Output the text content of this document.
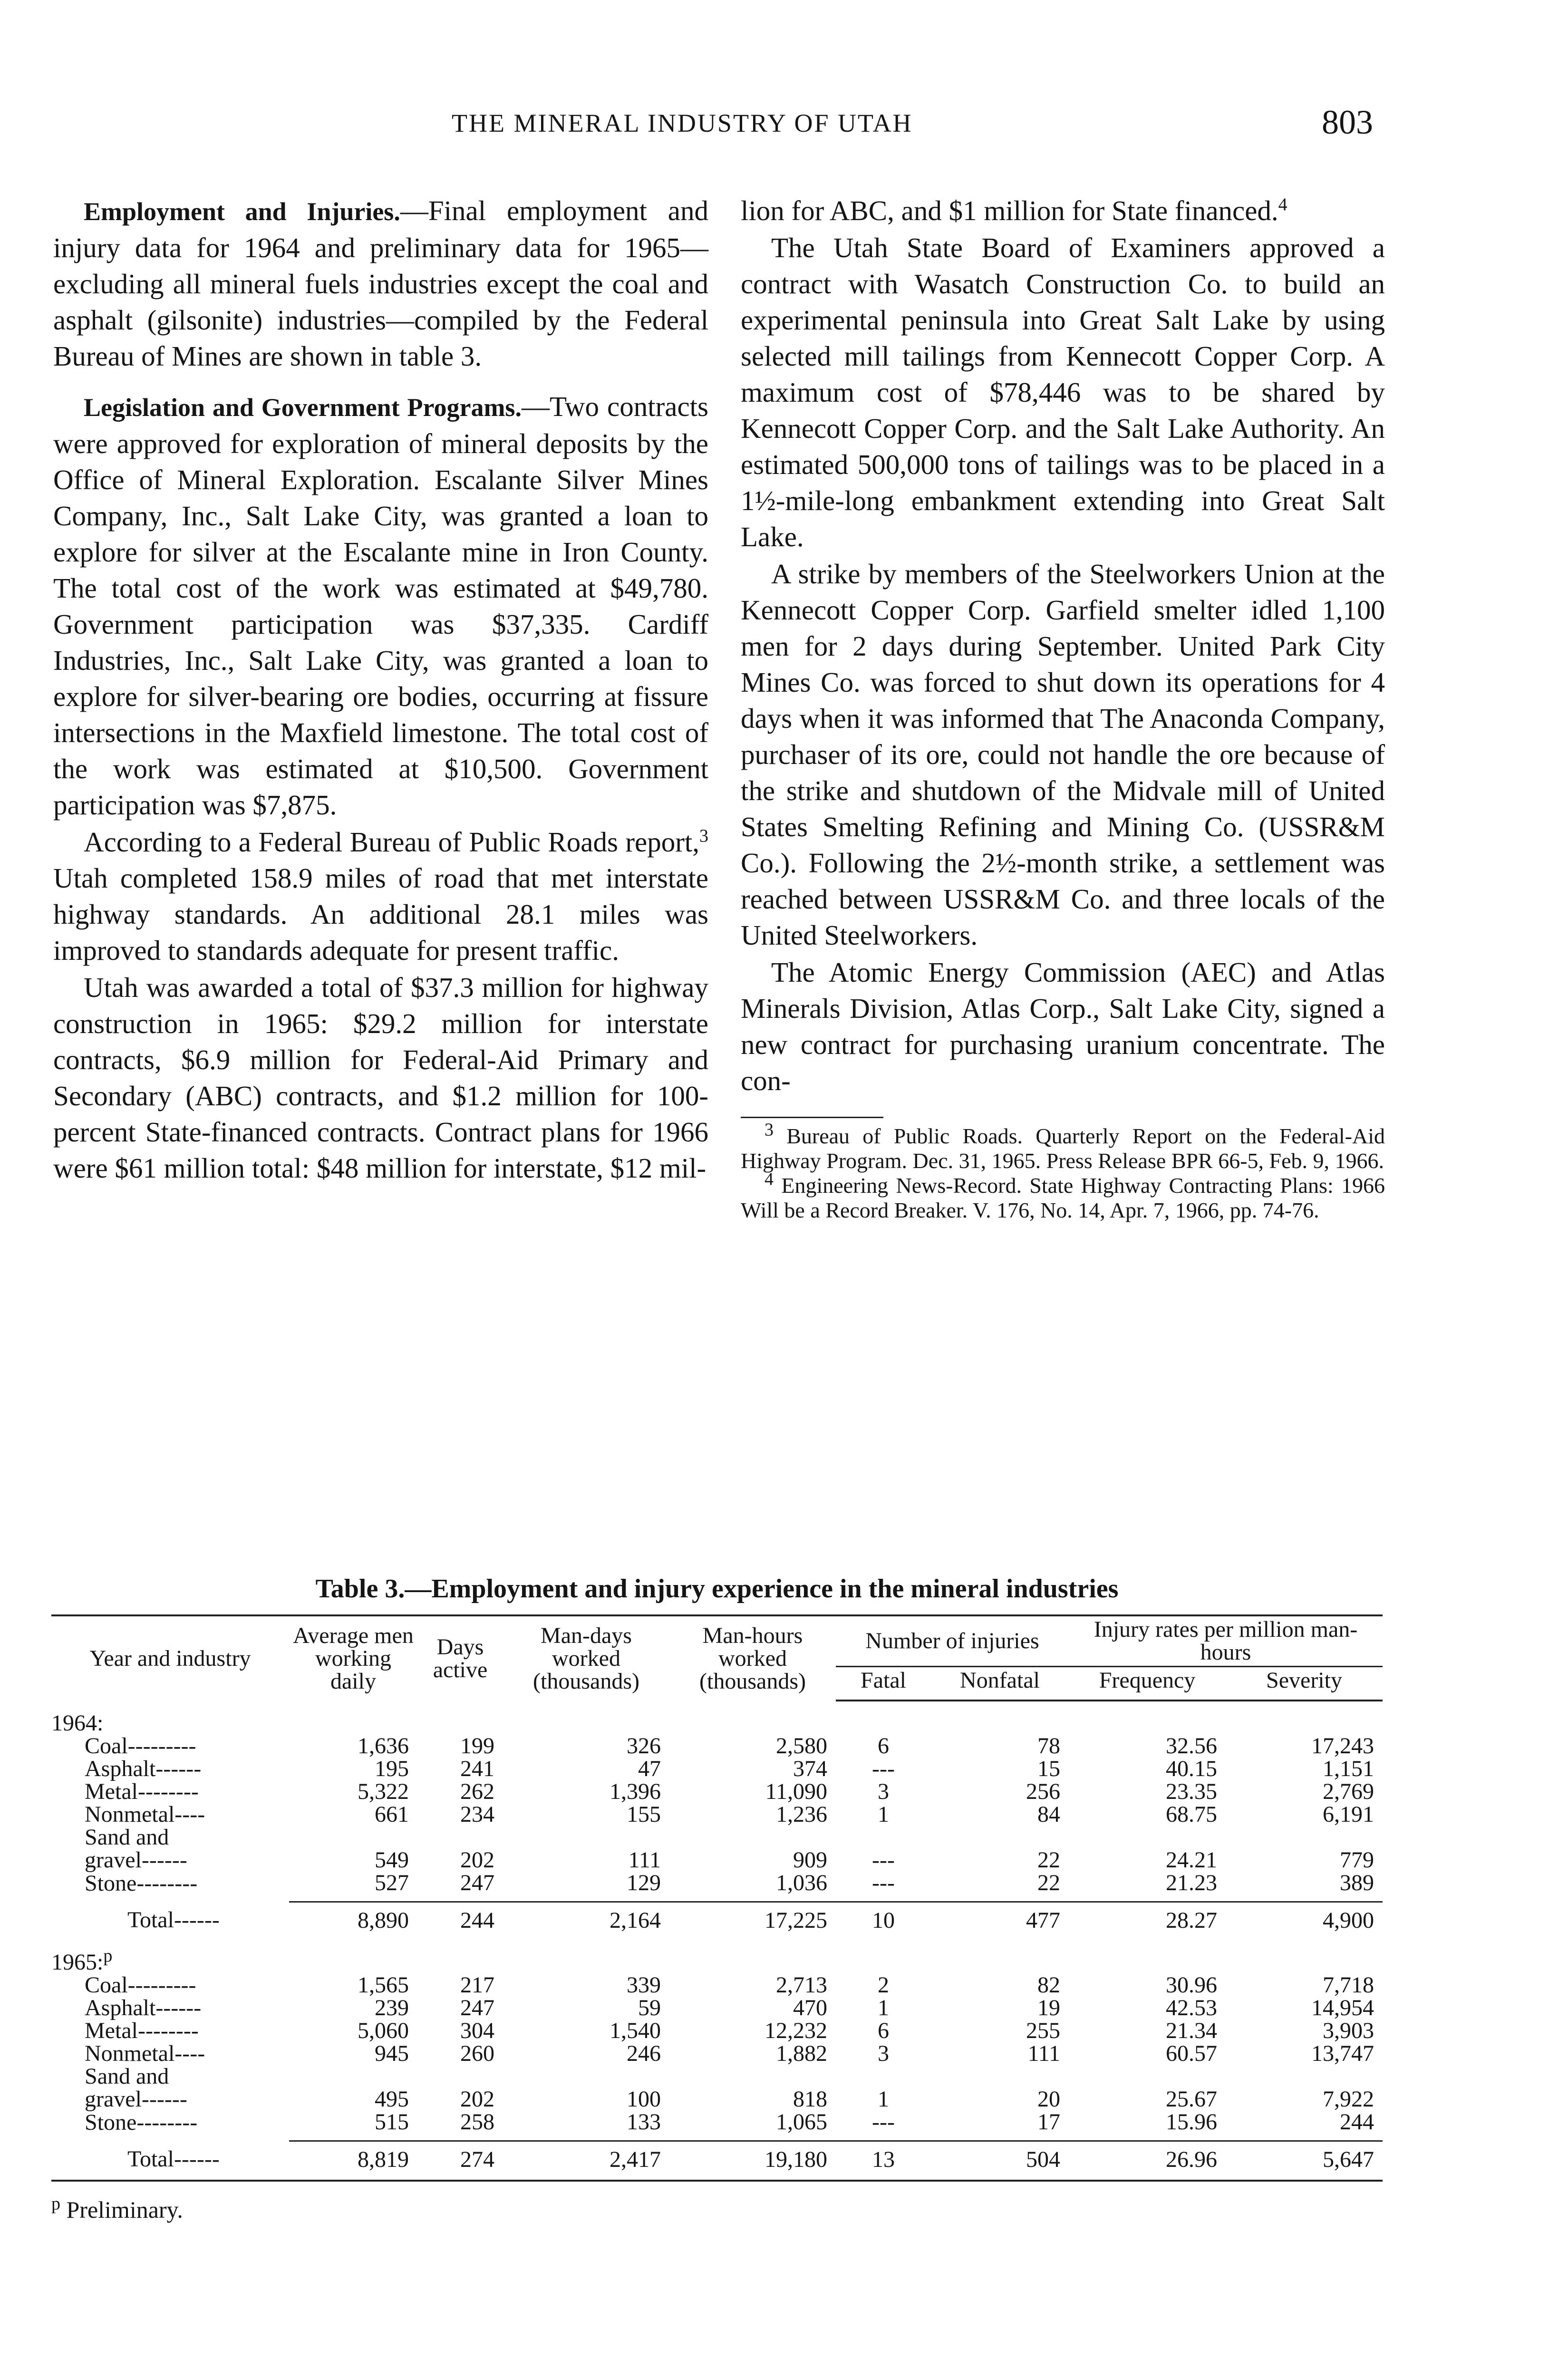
THE MINERAL INDUSTRY OF UTAH	803

Employment and Injuries.—Final employment and injury data for 1964 and preliminary data for 1965—excluding all mineral fuels industries except the coal and asphalt (gilsonite) industries—compiled by the Federal Bureau of Mines are shown in table 3.

Legislation and Government Programs.—Two contracts were approved for exploration of mineral deposits by the Office of Mineral Exploration. Escalante Silver Mines Company, Inc., Salt Lake City, was granted a loan to explore for silver at the Escalante mine in Iron County. The total cost of the work was estimated at $49,780. Government participation was $37,335. Cardiff Industries, Inc., Salt Lake City, was granted a loan to explore for silver-bearing ore bodies, occurring at fissure intersections in the Maxfield limestone. The total cost of the work was estimated at $10,500. Government participation was $7,875.

According to a Federal Bureau of Public Roads report,$^3$ Utah completed 158.9 miles of road that met interstate highway standards. An additional 28.1 miles was improved to standards adequate for present traffic.

Utah was awarded a total of $37.3 million for highway construction in 1965: $29.2 million for interstate contracts, $6.9 million for Federal-Aid Primary and Secondary (ABC) contracts, and $1.2 million for 100-percent State-financed contracts. Contract plans for 1966 were $61 million total: $48 million for interstate, $12 mil-

lion for ABC, and $1 million for State financed.$^4$

The Utah State Board of Examiners approved a contract with Wasatch Construction Co. to build an experimental peninsula into Great Salt Lake by using selected mill tailings from Kennecott Copper Corp. A maximum cost of $78,446 was to be shared by Kennecott Copper Corp. and the Salt Lake Authority. An estimated 500,000 tons of tailings was to be placed in a 1½-mile-long embankment extending into Great Salt Lake.

A strike by members of the Steelworkers Union at the Kennecott Copper Corp. Garfield smelter idled 1,100 men for 2 days during September. United Park City Mines Co. was forced to shut down its operations for 4 days when it was informed that The Anaconda Company, purchaser of its ore, could not handle the ore because of the strike and shutdown of the Midvale mill of United States Smelting Refining and Mining Co. (USSR&M Co.). Following the 2½-month strike, a settlement was reached between USSR&M Co. and three locals of the United Steelworkers.

The Atomic Energy Commission (AEC) and Atlas Minerals Division, Atlas Corp., Salt Lake City, signed a new contract for purchasing uranium concentrate. The con-

$^3$ Bureau of Public Roads. Quarterly Report on the Federal-Aid Highway Program. Dec. 31, 1965. Press Release BPR 66-5, Feb. 9, 1966.

$^4$ Engineering News-Record. State Highway Contracting Plans: 1966 Will be a Record Breaker. V. 176, No. 14, Apr. 7, 1966, pp. 74-76.

Table 3.—Employment and injury experience in the mineral industries
Year and industry	Average men working daily	Days active	Man-days worked (thousands)	Man-hours worked (thousands)	Number of injuries		Injury rates per million man-hours	
					Fatal	Nonfatal	Frequency	Severity
1964:								
Coal---------	1,636	199	326	2,580	6	78	32.56	17,243
Asphalt------	195	241	47	374	---	15	40.15	1,151
Metal--------	5,322	262	1,396	11,090	3	256	23.35	2,769
Nonmetal----	661	234	155	1,236	1	84	68.75	6,191
Sand and								
gravel------	549	202	111	909	---	22	24.21	779
Stone--------	527	247	129	1,036	---	22	21.23	389
Total------	8,890	244	2,164	17,225	10	477	28.27	4,900
1965:$^p$
Coal---------	1,565	217	339	2,713	2	82	30.96	7,718
Asphalt------	239	247	59	470	1	19	42.53	14,954
Metal--------	5,060	304	1,540	12,232	6	255	21.34	3,903
Nonmetal----	945	260	246	1,882	3	111	60.57	13,747
Sand and								
gravel------	495	202	100	818	1	20	25.67	7,922
Stone--------	515	258	133	1,065	---	17	15.96	244
Total------	8,819	274	2,417	19,180	13	504	26.96	5,647
$^p$ Preliminary.
